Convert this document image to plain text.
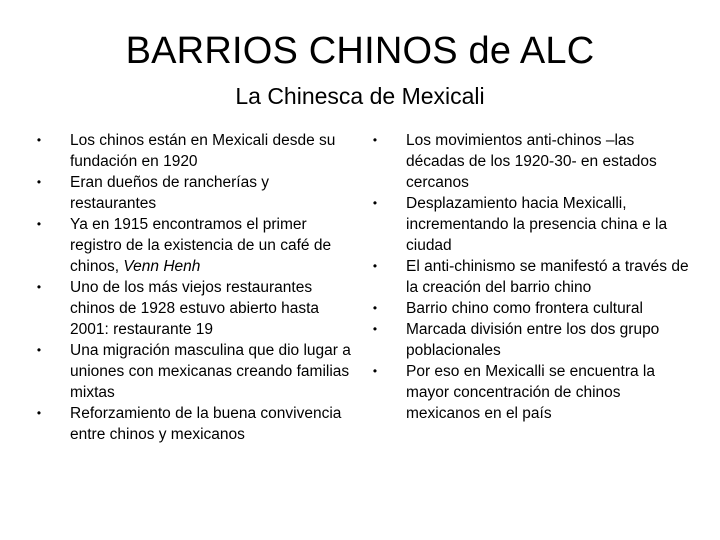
BARRIOS CHINOS de ALC
La Chinesca de Mexicali
• Los chinos están en Mexicali desde su fundación en 1920
• Eran dueños de rancherías y restaurantes
• Ya en 1915 encontramos el primer registro de la existencia de un café de chinos, Venn Henh
• Uno de los más viejos restaurantes chinos de 1928 estuvo abierto hasta 2001: restaurante 19
• Una migración masculina que dio lugar a uniones con mexicanas creando familias mixtas
• Reforzamiento de la buena convivencia entre chinos y mexicanos
• Los movimientos anti-chinos –las décadas de los 1920-30- en estados cercanos
• Desplazamiento hacia Mexicalli, incrementando la presencia china e la ciudad
• El anti-chinismo se manifestó a través de la creación del barrio chino
• Barrio chino como frontera cultural
• Marcada división entre los dos grupo poblacionales
• Por eso en Mexicalli se encuentra la mayor concentración de chinos mexicanos en el país
